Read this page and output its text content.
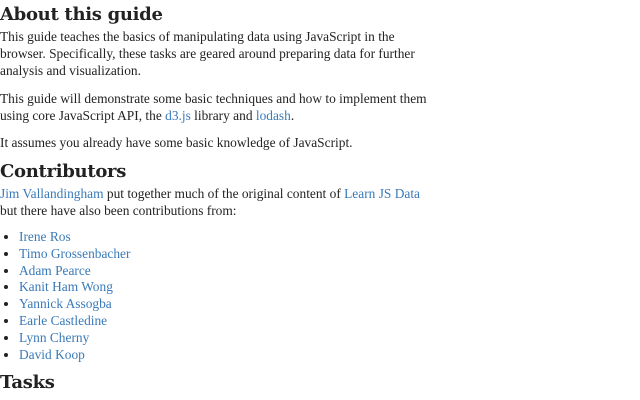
About this guide

This guide teaches the basics of manipulating data using JavaScript in the browser. Specifically, these tasks are geared around preparing data for further analysis and visualization.

This guide will demonstrate some basic techniques and how to implement them using core JavaScript API, the d3.js library and lodash.

It assumes you already have some basic knowledge of JavaScript.

Contributors

Jim Vallandingham put together much of the original content of Learn JS Data but there have also been contributions from:

• Irene Ros
• Timo Grossenbacher
• Adam Pearce
• Kanit Ham Wong
• Yannick Assogba
• Earle Castledine
• Lynn Cherny
• David Koop
Tasks
